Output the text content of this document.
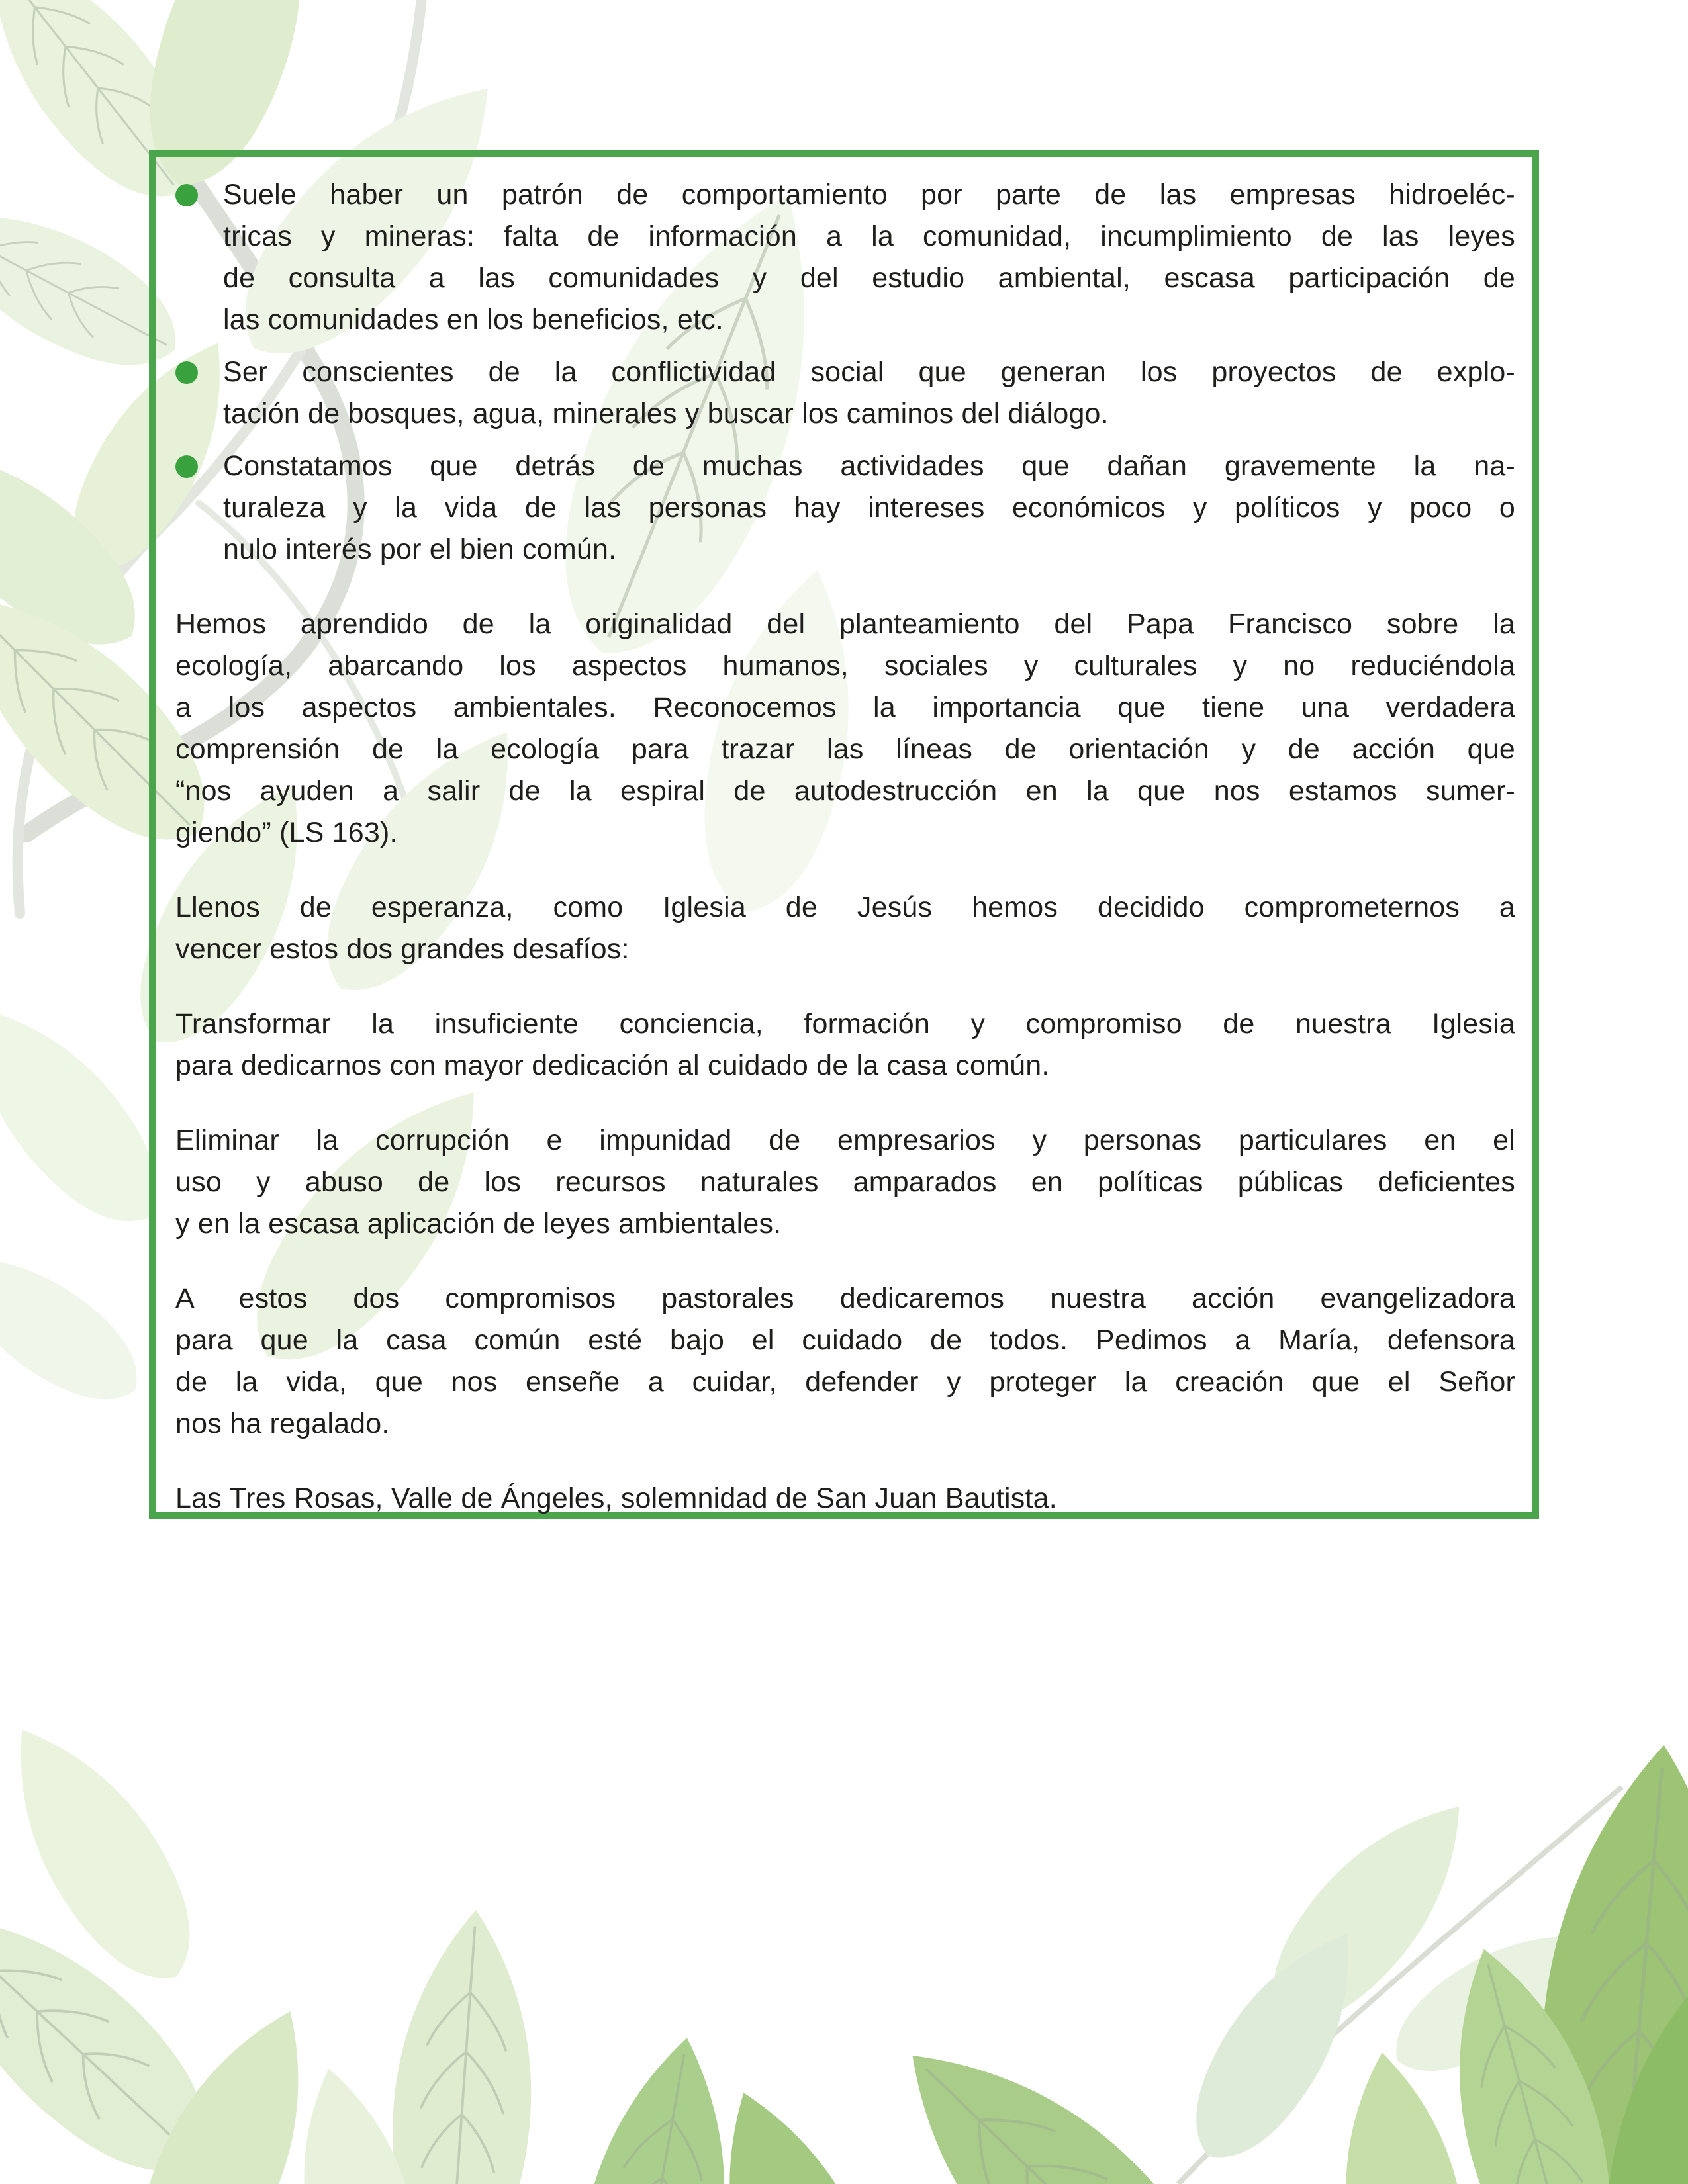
Suele haber un patrón de comportamiento por parte de las empresas hidroeléc-
tricas y mineras: falta de información a la comunidad, incumplimiento de las leyes
de consulta a las comunidades y del estudio ambiental, escasa participación de
las comunidades en los beneficios, etc.
Ser conscientes de la conflictividad social que generan los proyectos de explo-
tación de bosques, agua, minerales y buscar los caminos del diálogo.
Constatamos que detrás de muchas actividades que dañan gravemente la na-
turaleza y la vida de las personas hay intereses económicos y políticos y poco o
nulo interés por el bien común.
Hemos aprendido de la originalidad del planteamiento del Papa Francisco sobre la
ecología, abarcando los aspectos humanos, sociales y culturales y no reduciéndola
a los aspectos ambientales. Reconocemos la importancia que tiene una verdadera
comprensión de la ecología para trazar las líneas de orientación y de acción que
“nos ayuden a salir de la espiral de autodestrucción en la que nos estamos sumer-
giendo” (LS 163).
Llenos de esperanza, como Iglesia de Jesús hemos decidido comprometernos a
vencer estos dos grandes desafíos:
Transformar la insuficiente conciencia, formación y compromiso de nuestra Iglesia
para dedicarnos con mayor dedicación al cuidado de la casa común.
Eliminar la corrupción e impunidad de empresarios y personas particulares en el
uso y abuso de los recursos naturales amparados en políticas públicas deficientes
y en la escasa aplicación de leyes ambientales.
A estos dos compromisos pastorales dedicaremos nuestra acción evangelizadora
para que la casa común esté bajo el cuidado de todos. Pedimos a María, defensora
de la vida, que nos enseñe a cuidar, defender y proteger la creación que el Señor
nos ha regalado.
Las Tres Rosas, Valle de Ángeles, solemnidad de San Juan Bautista.
